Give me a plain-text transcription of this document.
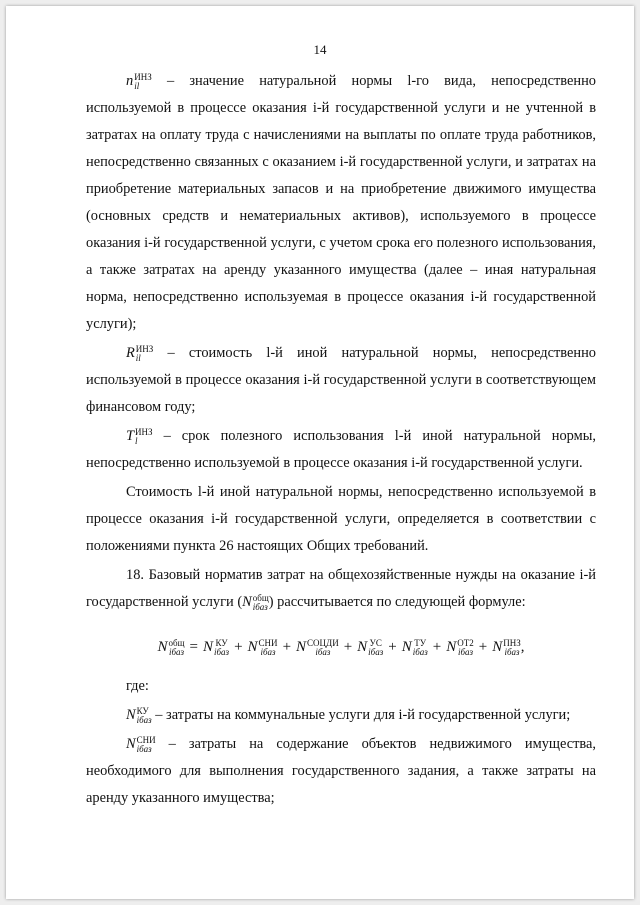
14

n ИНЗ
il – значение натуральной нормы l-го вида, непосредственно используемой в процессе оказания i-й государственной услуги и не учтенной в затратах на оплату труда с начислениями на выплаты по оплате труда работников, непосредственно связанных с оказанием i-й государственной услуги, и затратах на приобретение материальных запасов и на приобретение движимого имущества (основных средств и нематериальных активов), используемого в процессе оказания i-й государственной услуги, с учетом срока его полезного использования, а также затратах на аренду указанного имущества (далее – иная натуральная норма, непосредственно используемая в процессе оказания i-й государственной услуги);

R ИНЗ
il – стоимость l-й иной натуральной нормы, непосредственно используемой в процессе оказания i-й государственной услуги в соответствующем финансовом году;

T ИНЗ
l	– срок полезного использования l-й иной натуральной нормы, непосредственно используемой в процессе оказания i-й государственной услуги.

Стоимость l-й иной натуральной нормы, непосредственно используемой в процессе оказания i-й государственной услуги, определяется в соответствии с положениями пункта 26 настоящих Общих требований.

18. Базовый норматив затрат на общехозяйственные нужды на оказание i-й государственной услуги (N общ
iбаз ) рассчитывается по следующей формуле:

N общ
iбаз = N КУ
iбаз + N СНИ
iбаз + N СОЦДИ
iбаз + N УС
iбаз + N ТУ
iбаз + N ОТ2
iбаз + N ПНЗ
iбаз ,

где:

N КУ
iбаз – затраты на коммунальные услуги для i-й государственной услуги;

N СНИ
iбаз – затраты на содержание объектов недвижимого имущества, необходимого для выполнения государственного задания, а также затраты на аренду указанного имущества;
